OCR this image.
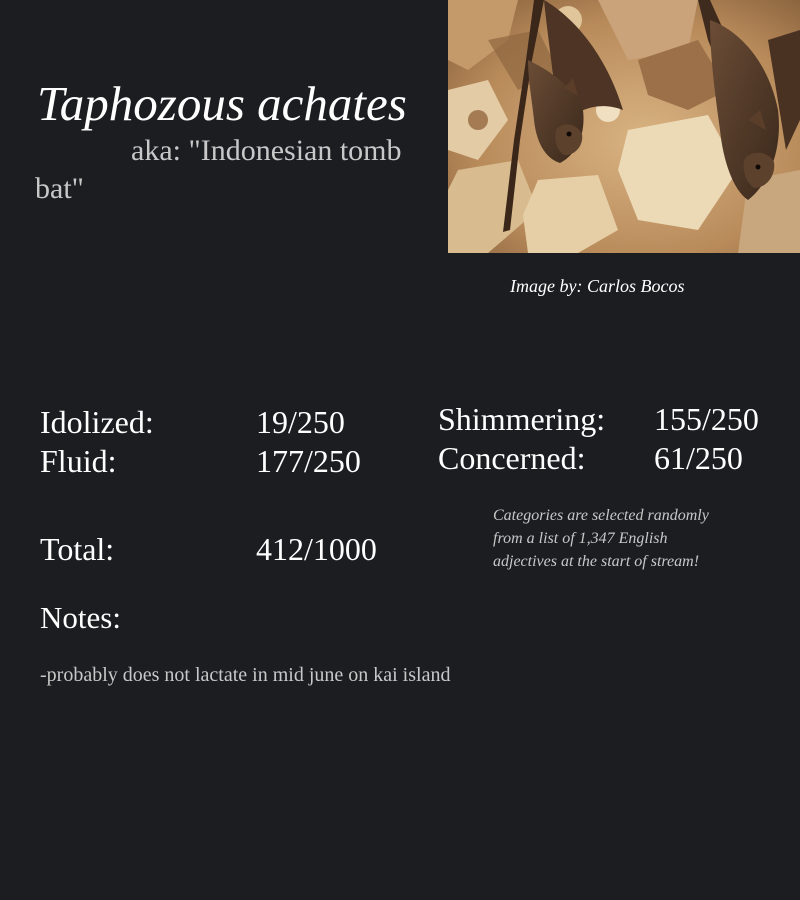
Taphozous achates

aka: "Indonesian tomb bat"

Image by: Carlos Bocos
Idolized:	19/250
Fluid:	177/250
Shimmering: 155/250
Concerned: 61/250
Total:	412/1000
Categories are selected randomly from a list of 1,347 English adjectives at the start of stream!
Notes:
-probably does not lactate in mid june on kai island
